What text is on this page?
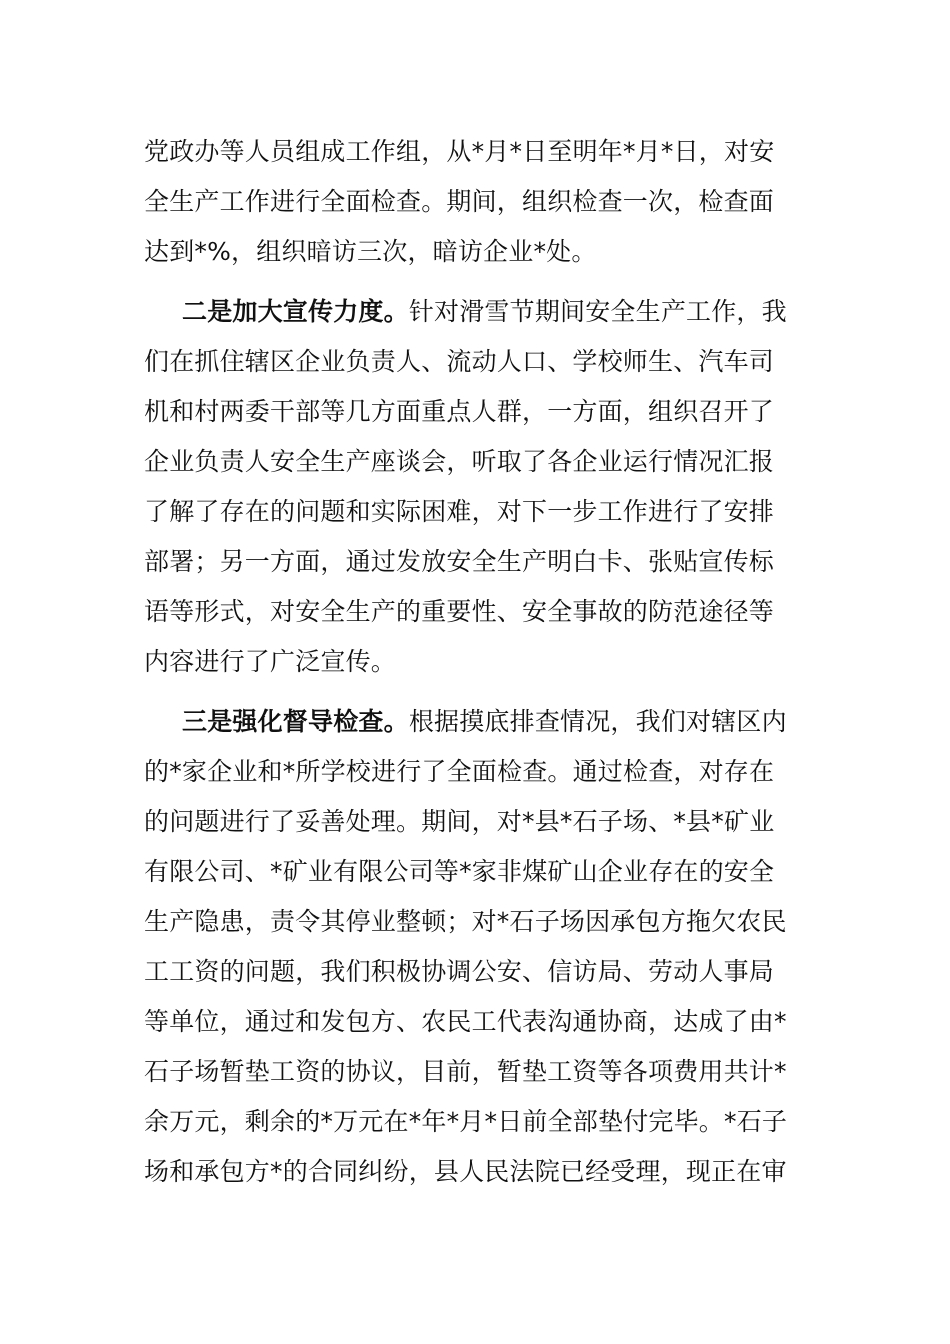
党政办等人员组成工作组，从*月*日至明年*月*日，对安
全生产工作进行全面检查。期间，组织检查一次，检查面
达到*%，组织暗访三次，暗访企业*处。
二是加大宣传力度。针对滑雪节期间安全生产工作，我
们在抓住辖区企业负责人、流动人口、学校师生、汽车司
机和村两委干部等几方面重点人群，一方面，组织召开了
企业负责人安全生产座谈会，听取了各企业运行情况汇报
了解了存在的问题和实际困难，对下一步工作进行了安排
部署；另一方面，通过发放安全生产明白卡、张贴宣传标
语等形式，对安全生产的重要性、安全事故的防范途径等
内容进行了广泛宣传。
三是强化督导检查。根据摸底排查情况，我们对辖区内
的*家企业和*所学校进行了全面检查。通过检查，对存在
的问题进行了妥善处理。期间，对*县*石子场、*县*矿业
有限公司、*矿业有限公司等*家非煤矿山企业存在的安全
生产隐患，责令其停业整顿；对*石子场因承包方拖欠农民
工工资的问题，我们积极协调公安、信访局、劳动人事局
等单位，通过和发包方、农民工代表沟通协商，达成了由*
石子场暂垫工资的协议，目前，暂垫工资等各项费用共计*
余万元，剩余的*万元在*年*月*日前全部垫付完毕。*石子
场和承包方*的合同纠纷，县人民法院已经受理，现正在审
